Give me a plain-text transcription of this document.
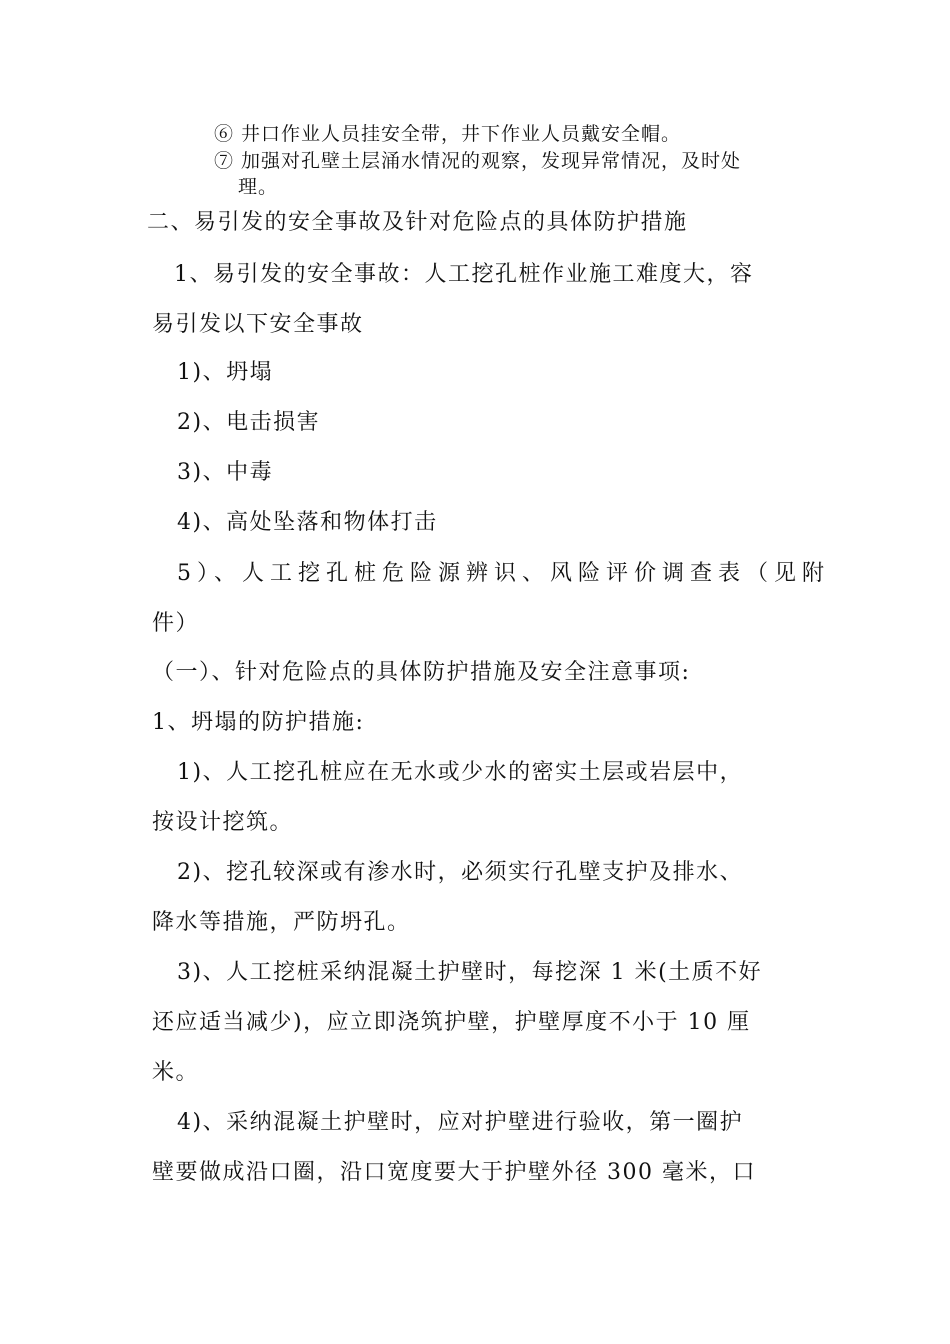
⑥ 井口作业人员挂安全带，井下作业人员戴安全帽。
⑦ 加强对孔壁土层涌水情况的观察，发现异常情况，及时处
理。
二、易引发的安全事故及针对危险点的具体防护措施
1、易引发的安全事故：人工挖孔桩作业施工难度大，容
易引发以下安全事故
1)、坍塌
2)、电击损害
3)、中毒
4)、高处坠落和物体打击
5）、人工挖孔桩危险源辨识、风险评价调查表（见附
件）
（一）、针对危险点的具体防护措施及安全注意事项:
1、坍塌的防护措施:
1)、人工挖孔桩应在无水或少水的密实土层或岩层中，
按设计挖筑。
2)、挖孔较深或有渗水时，必须实行孔壁支护及排水、
降水等措施，严防坍孔。
3)、人工挖桩采纳混凝土护壁时，每挖深 1 米(土质不好
还应适当减少)，应立即浇筑护壁，护壁厚度不小于 10 厘
米。
4)、采纳混凝土护壁时，应对护壁进行验收，第一圈护
壁要做成沿口圈，沿口宽度要大于护壁外径 300 毫米，口
